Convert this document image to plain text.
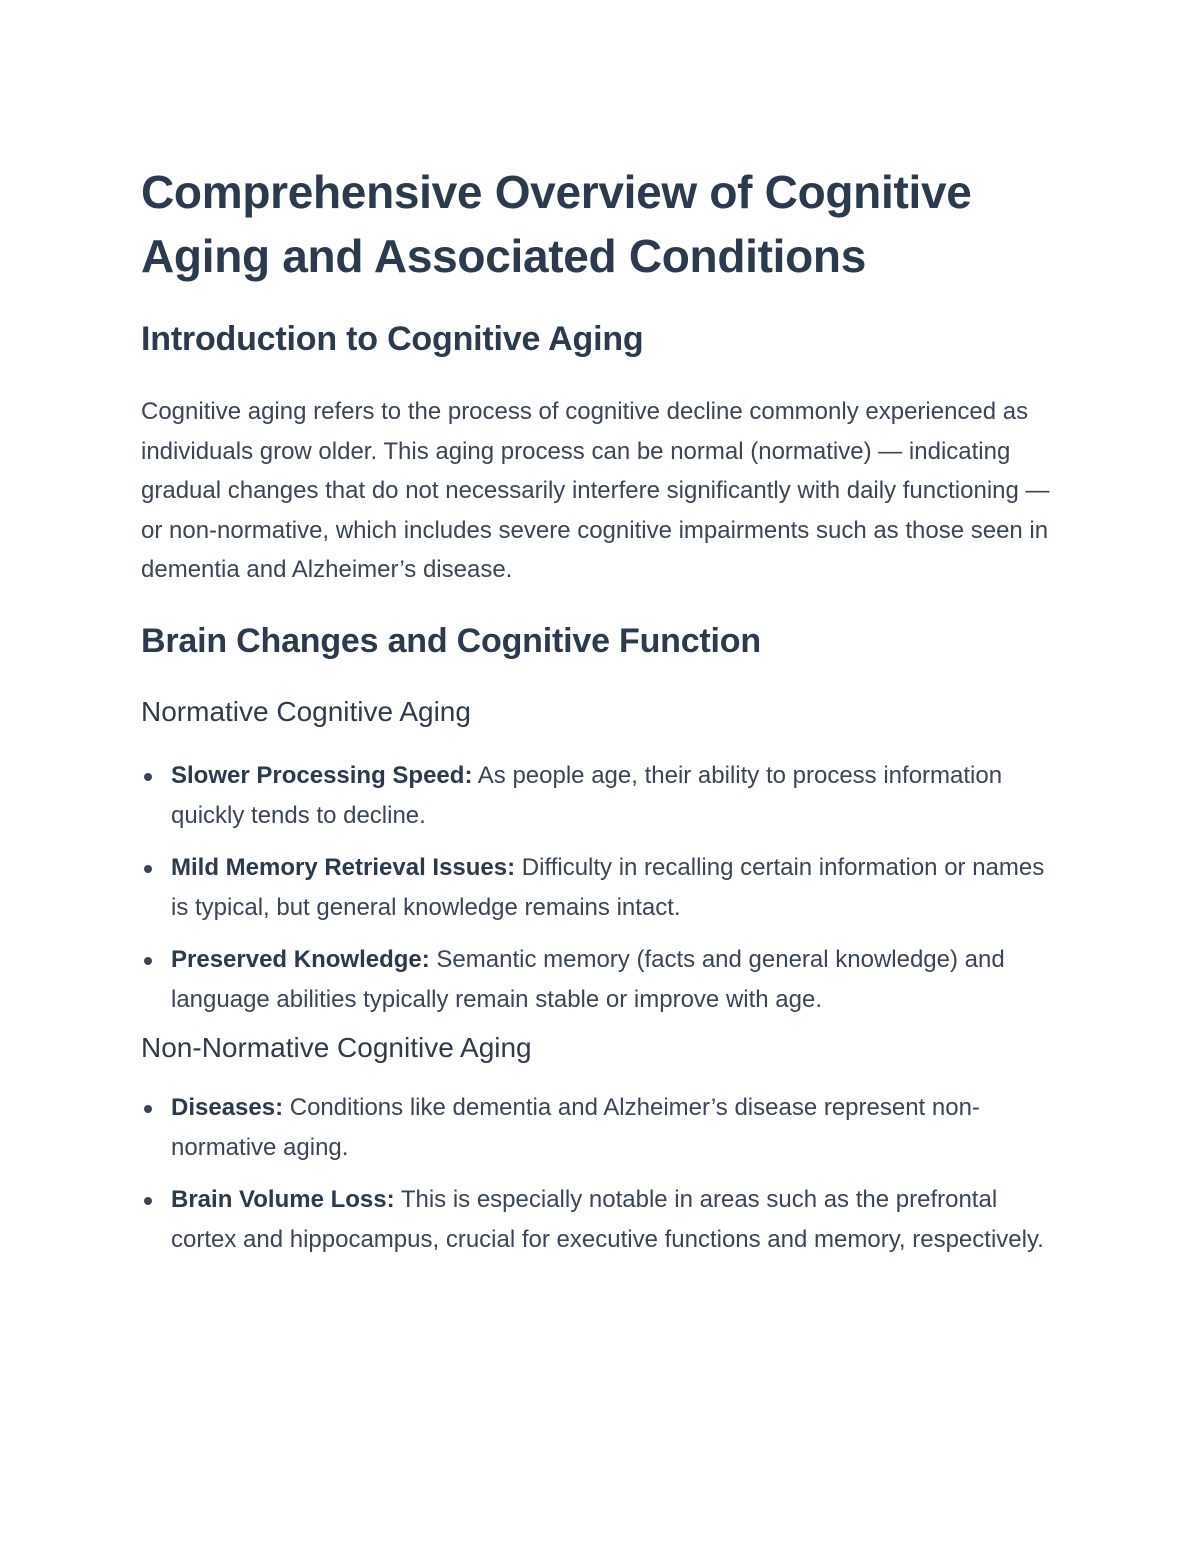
Comprehensive Overview of Cognitive Aging and Associated Conditions
Introduction to Cognitive Aging

Cognitive aging refers to the process of cognitive decline commonly experienced as individuals grow older. This aging process can be normal (normative) — indicating gradual changes that do not necessarily interfere significantly with daily functioning — or non-normative, which includes severe cognitive impairments such as those seen in dementia and Alzheimer’s disease.

Brain Changes and Cognitive Function
Normative Cognitive Aging
Slower Processing Speed: As people age, their ability to process information quickly tends to decline.
Mild Memory Retrieval Issues: Difficulty in recalling certain information or names is typical, but general knowledge remains intact.
Preserved Knowledge: Semantic memory (facts and general knowledge) and language abilities typically remain stable or improve with age.
Non-Normative Cognitive Aging
Diseases: Conditions like dementia and Alzheimer’s disease represent non-normative aging.
Brain Volume Loss: This is especially notable in areas such as the prefrontal cortex and hippocampus, crucial for executive functions and memory, respectively.
